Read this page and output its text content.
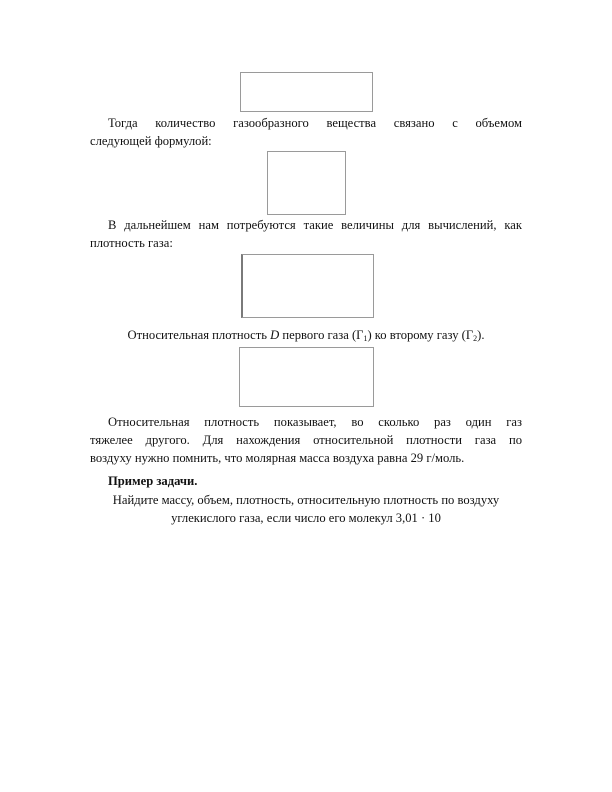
Тогда количество газообразного вещества связано с объемом
следующей формулой:
В дальнейшем нам потребуются такие величины для вычислений, как
плотность газа:
Относительная плотность D первого газа $(Г_1)$ ко второму газу $(Г_2)$.
Относительная плотность показывает, во сколько раз один газ
тяжелее другого. Для нахождения относительной плотности газа по
воздуху нужно помнить, что молярная масса воздуха равна 29 г/моль.
Пример задачи.
Найдите массу, объем, плотность, относительную плотность по воздуху
углекислого газа, если число его молекул 3,01 · 10
